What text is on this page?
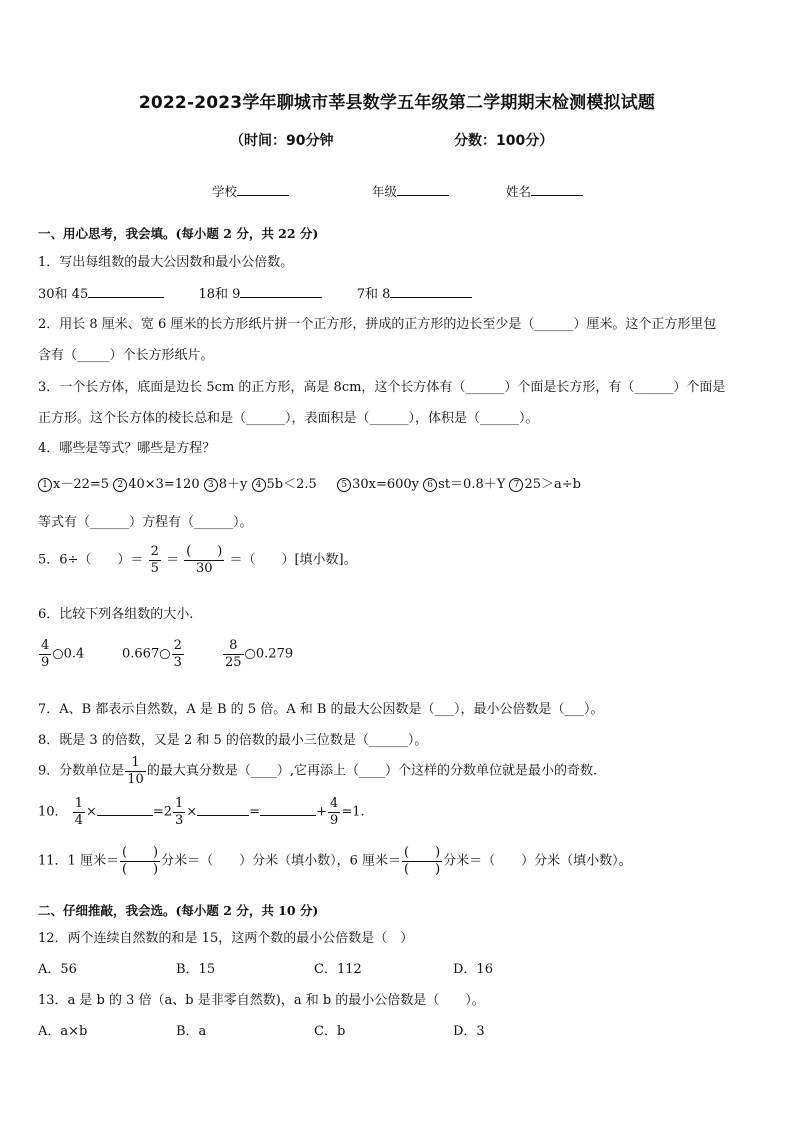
2022-2023学年聊城市莘县数学五年级第二学期期末检测模拟试题
（时间：90分钟	分数：100分）
学校	年级	姓名
一、用心思考，我会填。(每小题 2 分，共 22 分)
1．写出每组数的最大公因数和最小公倍数。
30和 45	18和 9	7和 8
2．用长 8 厘米、宽 6 厘米的长方形纸片拼一个正方形，拼成的正方形的边长至少是（______）厘米。这个正方形里包
含有（_____）个长方形纸片。
3．一个长方体，底面是边长 5cm 的正方形，高是 8cm，这个长方体有（______）个面是长方形，有（______）个面是
正方形。这个长方体的棱长总和是（______），表面积是（______），体积是（______）。
4．哪些是等式？哪些是方程？
1 x－22=5 2 40×3=120 3 8＋y 4 5b＜2.5	5 30x=600y 6 st＝0.8＋Y 7 25＞a÷b
等式有（______）方程有（______）。
5．6÷（　　）＝ $\frac{2}{5} = \frac{( )}{30}$ ＝（　　）[填小数]。
6．比较下列各组数的大小.
$\frac{4}{9}$ ○0.4	0.667○ $\frac{2}{3}$	$\frac{8}{25}$ ○0.279
7．A、B 都表示自然数，A 是 B 的 5 倍。A 和 B 的最大公因数是（___），最小公倍数是（___）。
8．既是 3 的倍数，又是 2 和 5 的倍数的最小三位数是（______）。
9．分数单位是 $\frac{1}{10}$ 的最大真分数是（____）,它再添上（____）个这样的分数单位就是最小的奇数.
10． $\frac{1}{4}$ ×	$=2 \frac{1}{3}$ ×	=	+ $\frac{4}{9} =1$.
11．1 厘米＝ $\frac{( )}{( )}$ 分米＝（　　）分米（填小数），6 厘米＝ $\frac{( )}{( )}$ 分米＝（　　）分米（填小数）。
二、仔细推敲，我会选。(每小题 2 分，共 10 分)
12．两个连续自然数的和是 15，这两个数的最小公倍数是（　）
A．56	B．15	C．112	D．16
13．a 是 b 的 3 倍（a、b 是非零自然数)，a 和 b 的最小公倍数是（　　）。
A．a×b	B．a	C．b	D．3
